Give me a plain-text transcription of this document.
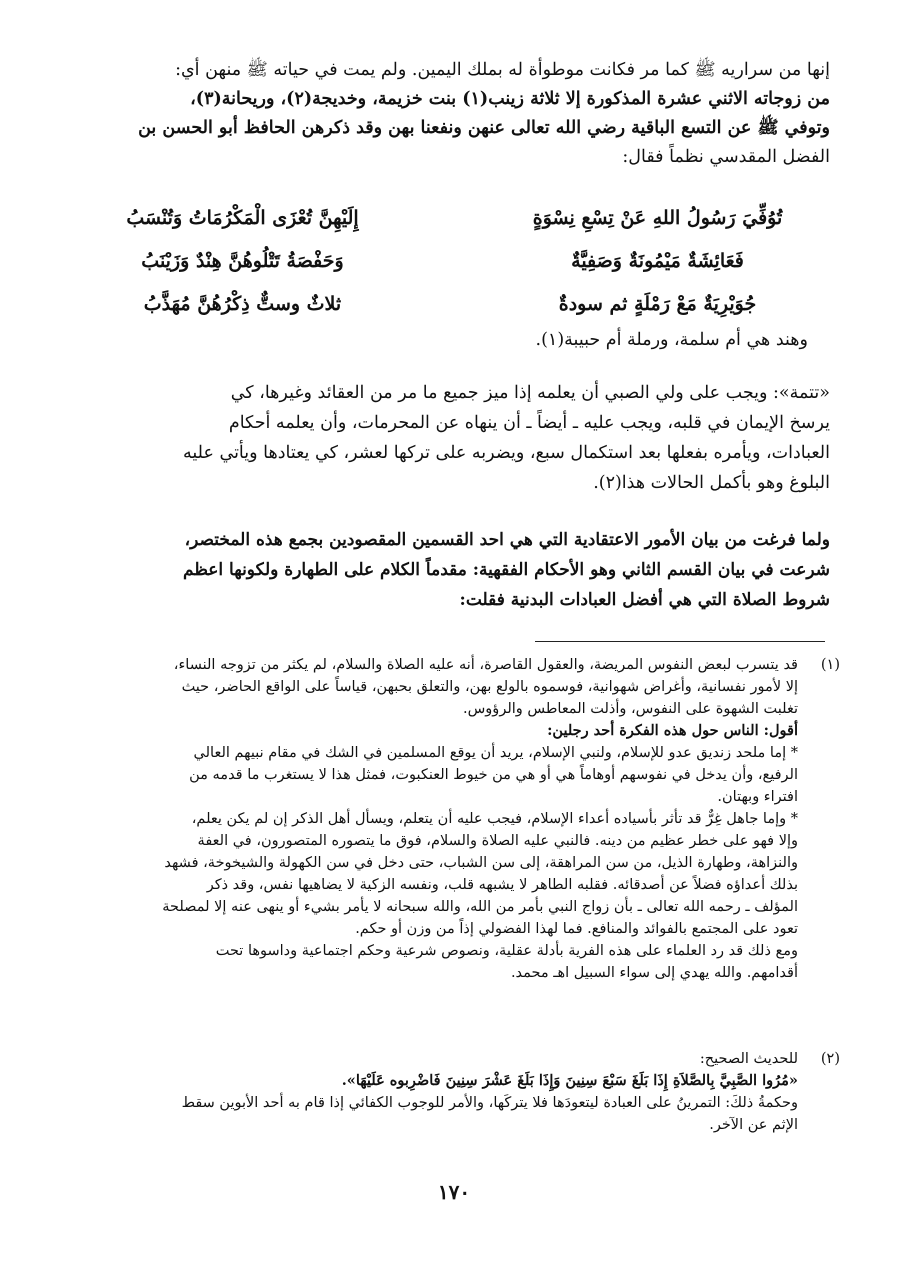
إنها من سراريه ﷺ كما مر فكانت موطوأة له بملك اليمين. ولم يمت في حياته ﷺ منهن أي:
من زوجاته الاثني عشرة المذكورة إلا ثلاثة زينب(١) بنت خزيمة، وخديجة(٢)، وريحانة(٣)،
وتوفي ﷺ عن التسع الباقية رضي الله تعالى عنهن ونفعنا بهن وقد ذكرهن الحافظ أبو الحسن بن
الفضل المقدسي نظماً فقال:
تُوُفِّيَ رَسُولُ اللهِ عَنْ تِسْعِ نِسْوَةٍ
إِلَيْهِنَّ تُعْزَى الْمَكْرُمَاتُ وَتُنْسَبُ
فَعَائِشَةٌ مَيْمُونَةٌ وَصَفِيَّةٌ
وَحَفْصَةُ تَتْلُوهُنَّ هِنْدٌ وَزَيْنَبُ
جُوَيْرِيَةٌ مَعْ رَمْلَةٍ ثم سودةٌ
ثلاثٌ وستٌّ ذِكْرُهُنَّ مُهَذَّبُ
وهند هي أم سلمة، ورملة أم حبيبة(١).
«تتمة»: ويجب على ولي الصبي أن يعلمه إذا ميز جميع ما مر من العقائد وغيرها، كي
يرسخ الإيمان في قلبه، ويجب عليه ـ أيضاً ـ أن ينهاه عن المحرمات، وأن يعلمه أحكام
العبادات، ويأمره بفعلها بعد استكمال سبع، ويضربه على تركها لعشر، كي يعتادها ويأتي عليه
البلوغ وهو بأكمل الحالات هذا(٢).
ولما فرغت من بيان الأمور الاعتقادية التي هي احد القسمين المقصودين بجمع هذه المختصر،
شرعت في بيان القسم الثاني وهو الأحكام الفقهية: مقدماً الكلام على الطهارة ولكونها اعظم
شروط الصلاة التي هي أفضل العبادات البدنية فقلت:
(١)
قد يتسرب لبعض النفوس المريضة، والعقول القاصرة، أنه عليه الصلاة والسلام، لم يكثر من تزوجه النساء،
إلا لأمور نفسانية، وأغراض شهوانية، فوسموه بالولع بهن، والتعلق بحبهن، قياساً على الواقع الحاضر، حيث
تغلبت الشهوة على النفوس، وأذلت المعاطس والرؤوس.
أقول: الناس حول هذه الفكرة أحد رجلين:
* إما ملحد زنديق عدو للإسلام، ولنبي الإسلام، يريد أن يوقع المسلمين في الشك في مقام نبيهم العالي
الرفيع، وأن يدخل في نفوسهم أوهاماً هي أو هي من خيوط العنكبوت، فمثل هذا لا يستغرب ما قدمه من
افتراء وبهتان.
* وإما جاهل غِرٌّ قد تأثر بأسياده أعداء الإسلام، فيجب عليه أن يتعلم، ويسأل أهل الذكر إن لم يكن يعلم،
وإلا فهو على خطر عظيم من دينه. فالنبي عليه الصلاة والسلام، فوق ما يتصوره المتصورون، في العفة
والنزاهة، وطهارة الذيل، من سن المراهقة، إلى سن الشباب، حتى دخل في سن الكهولة والشيخوخة، فشهد
بذلك أعداؤه فضلاً عن أصدقائه. فقلبه الطاهر لا يشبهه قلب، ونفسه الزكية لا يضاهيها نفس، وقد ذكر
المؤلف ـ رحمه الله تعالى ـ بأن زواج النبي بأمر من الله، والله سبحانه لا يأمر بشيء أو ينهى عنه إلا لمصلحة
تعود على المجتمع بالفوائد والمنافع. فما لهذا الفضولي إذاً من وزن أو حكم.
ومع ذلك قد رد العلماء على هذه الفرية بأدلة عقلية، ونصوص شرعية وحكم اجتماعية وداسوها تحت
أقدامهم. والله يهدي إلى سواء السبيل اهـ محمد.
(٢)
للحديث الصحيح:
«مُرُوا الصَّبِيَّ بِالصَّلاَةِ إِذَا بَلَغَ سَبْعَ سِنِينَ وَإِذَا بَلَغَ عَشْرَ سِنِينَ فَاضْرِبوه عَلَيْهَا».
وحكمةُ ذلكَ: التمرينُ على العبادة ليتعودَها فلا يتركَها، والأمر للوجوب الكفائي إذا قام به أحد الأبوين سقط
الإثم عن الآخر.
١٧٠
